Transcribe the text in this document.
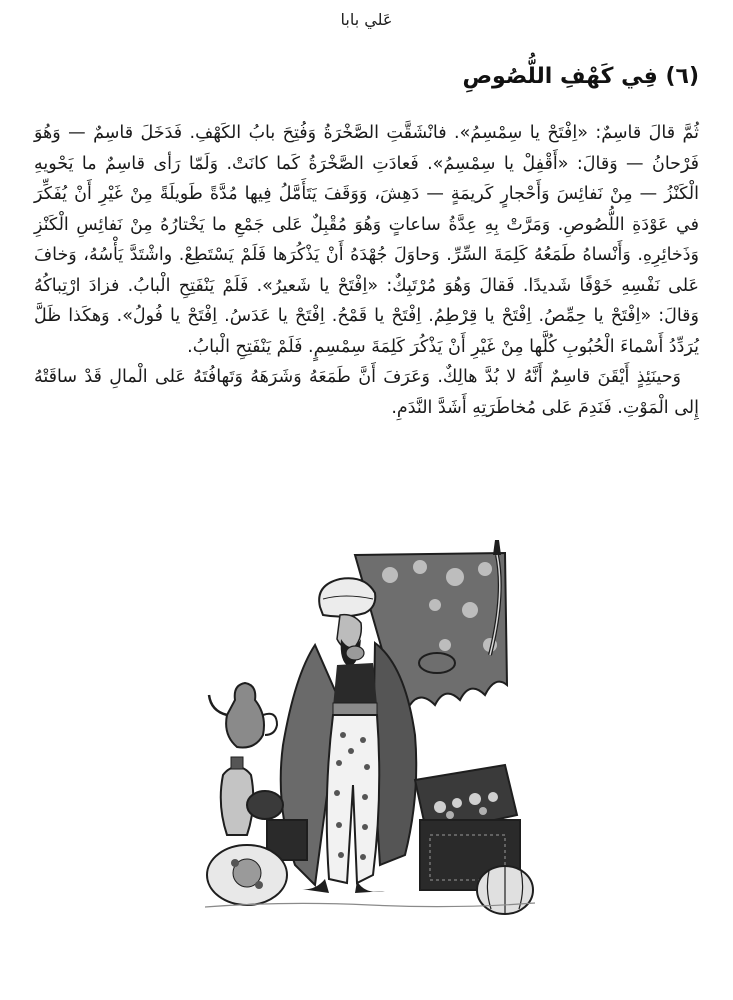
عَلي بابا
(٦) فِي كَهْفِ اللُّصُوصِ

ثُمَّ قالَ قاسِمٌ: «اِفْتَحْ يا سِمْسِمُ». فانْشَقَّتِ الصَّخْرَةُ وَفُتِحَ بابُ الكَهْفِ. فَدَخَلَ قاسِمٌ — وَهُوَ فَرْحانُ — وَقالَ: «أَقْفِلْ يا سِمْسِمُ». فَعادَتِ الصَّخْرَةُ كَما كانَتْ. وَلَمّا رَأى قاسِمٌ ما يَحْويهِ الْكَنْزُ — مِنْ نَفائِسَ وَأَحْجارٍ كَريمَةٍ — دَهِشَ، وَوَقَفَ يَتَأَمَّلُ فِيها مُدَّةً طَويلَةً مِنْ غَيْرِ أَنْ يُفَكِّرَ في عَوْدَةِ اللُّصُوصِ. وَمَرَّتْ بِهِ عِدَّةُ ساعاتٍ وَهُوَ مُقْبِلٌ عَلى جَمْعِ ما يَخْتارُهُ مِنْ نَفائِسِ الْكَنْزِ وَذَخائِرِهِ. وَأَنْساهُ طَمَعُهُ كَلِمَةَ السِّرِّ. وَحاوَلَ جُهْدَهُ أَنْ يَذْكُرَها فَلَمْ يَسْتَطِعْ. واشْتَدَّ يَأْسُهُ، وَخافَ عَلى نَفْسِهِ خَوْفًا شَديدًا. فَقالَ وَهُوَ مُرْتَبِكٌ: «اِفْتَحْ يا شَعيرُ». فَلَمْ يَنْفَتِحِ الْبابُ. فزادَ ارْتِباكُهُ وَقالَ: «اِفْتَحْ يا حِمِّصُ. اِفْتَحْ يا قِرْطِمُ. اِفْتَحْ يا قَمْحُ. اِفْتَحْ يا عَدَسُ. اِفْتَحْ يا فُولُ». وَهكَذا ظَلَّ يُرَدِّدُ أَسْماءَ الْحُبُوبِ كُلَّها مِنْ غَيْرِ أَنْ يَذْكُرَ كَلِمَةَ سِمْسِمٍ. فَلَمْ يَنْفَتِحِ الْبابُ.

وَحينَئِذٍ أَيْقَنَ قاسِمٌ أَنَّهُ لا بُدَّ هالِكٌ. وَعَرَفَ أَنَّ طَمَعَهُ وَشَرَهَهُ وَتَهافُتَهُ عَلى الْمالِ قَدْ ساقَتْهُ إِلى الْمَوْتِ. فَنَدِمَ عَلى مُخاطَرَتِهِ أَشَدَّ النَّدَمِ.
